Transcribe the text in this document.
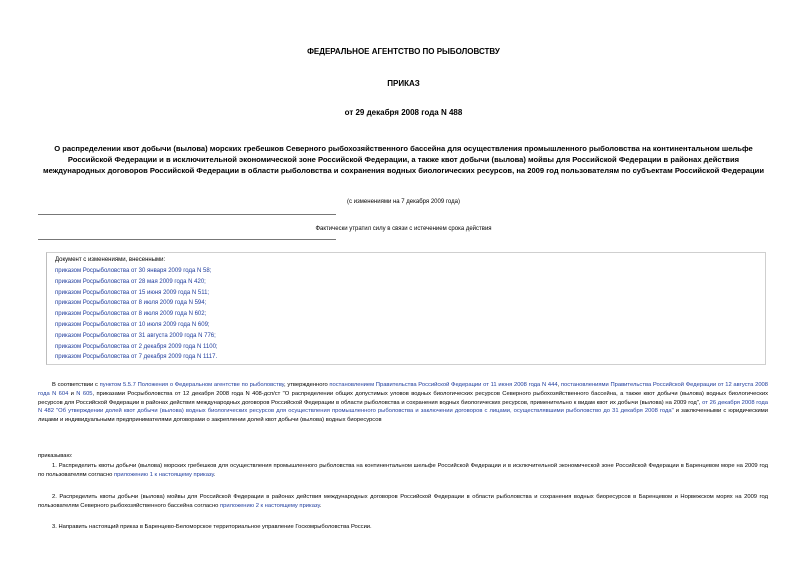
ФЕДЕРАЛЬНОЕ АГЕНТСТВО ПО РЫБОЛОВСТВУ
ПРИКАЗ
от 29 декабря 2008 года N 488
О распределении квот добычи (вылова) морских гребешков Северного рыбохозяйственного бассейна для осуществления промышленного рыболовства на континентальном шельфе Российской Федерации и в исключительной экономической зоне Российской Федерации, а также квот добычи (вылова) мойвы для Российской Федерации в районах действия международных договоров Российской Федерации в области рыболовства и сохранения водных биологических ресурсов, на 2009 год пользователям по субъектам Российской Федерации
(с изменениями на 7 декабря 2009 года)
Фактически утратил силу в связи с истечением срока действия
Документ с изменениями, внесенными:
приказом Росрыболовства от 30 января 2009 года N 58;
приказом Росрыболовства от 28 мая 2009 года N 420;
приказом Росрыболовства от 15 июня 2009 года N 511;
приказом Росрыболовства от 8 июля 2009 года N 594;
приказом Росрыболовства от 8 июля 2009 года N 602;
приказом Росрыболовства от 10 июля 2009 года N 609;
приказом Росрыболовства от 31 августа 2009 года N 776;
приказом Росрыболовства от 2 декабря 2009 года N 1100;
приказом Росрыболовства от 7 декабря 2009 года N 1117.
В соответствии с пунктом 5.5.7 Положения о Федеральном агентстве по рыболовству, утвержденного постановлением Правительства Российской Федерации от 11 июня 2008 года N 444, постановлениями Правительства Российской Федерации от 12 августа 2008 года N 604 и N 605, приказами Росрыболовства от 12 декабря 2008 года N 408-дсп/ст "О распределении общих допустимых уловов водных биологических ресурсов Северного рыбохозяйственного бассейна, а также квот добычи (вылова) водных биологических ресурсов для Российской Федерации в районах действия международных договоров Российской Федерации в области рыболовства и сохранения водных биологических ресурсов, применительно к видам квот их добычи (вылова) на 2009 год", от 26 декабря 2008 года N 482 "Об утверждении долей квот добычи (вылова) водных биологических ресурсов для осуществления промышленного рыболовства и заключении договоров с лицами, осуществлявшими рыболовство до 31 декабря 2008 года" и заключенными с юридическими лицами и индивидуальными предпринимателями договорами о закреплении долей квот добычи (вылова) водных биоресурсов
приказываю:
1. Распределить квоты добычи (вылова) морских гребешков для осуществления промышленного рыболовства на континентальном шельфе Российской Федерации и в исключительной экономической зоне Российской Федерации в Баренцевом море на 2009 год по пользователям согласно приложению 1 к настоящему приказу.
2. Распределить квоты добычи (вылова) мойвы для Российской Федерации в районах действия международных договоров Российской Федерации в области рыболовства и сохранения водных биоресурсов в Баренцевом и Норвежском морях на 2009 год пользователям Северного рыбохозяйственного бассейна согласно приложению 2 к настоящему приказу.
3. Направить настоящий приказ в Баренцево-Беломорское территориальное управление Госкомрыболовства России.
